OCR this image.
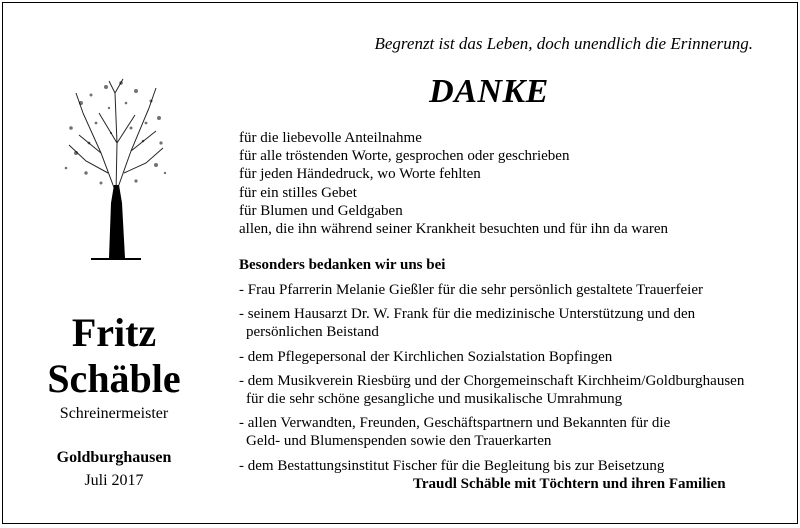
Begrenzt ist das Leben, doch unendlich die Erinnerung.
DANKE
Fritz
Schäble
Schreinermeister
Goldburghausen
Juli 2017
für die liebevolle Anteilnahme
für alle tröstenden Worte, gesprochen oder geschrieben
für jeden Händedruck, wo Worte fehlten
für ein stilles Gebet
für Blumen und Geldgaben
allen, die ihn während seiner Krankheit besuchten und für ihn da waren
Besonders bedanken wir uns bei
- Frau Pfarrerin Melanie Gießler für die sehr persönlich gestaltete Trauerfeier
- seinem Hausarzt Dr. W. Frank für die medizinische Unterstützung und den
persönlichen Beistand
- dem Pflegepersonal der Kirchlichen Sozialstation Bopfingen
- dem Musikverein Riesbürg und der Chorgemeinschaft Kirchheim/Goldburghausen
für die sehr schöne gesangliche und musikalische Umrahmung
- allen Verwandten, Freunden, Geschäftspartnern und Bekannten für die
Geld- und Blumenspenden sowie den Trauerkarten
- dem Bestattungsinstitut Fischer für die Begleitung bis zur Beisetzung
Traudl Schäble mit Töchtern und ihren Familien
